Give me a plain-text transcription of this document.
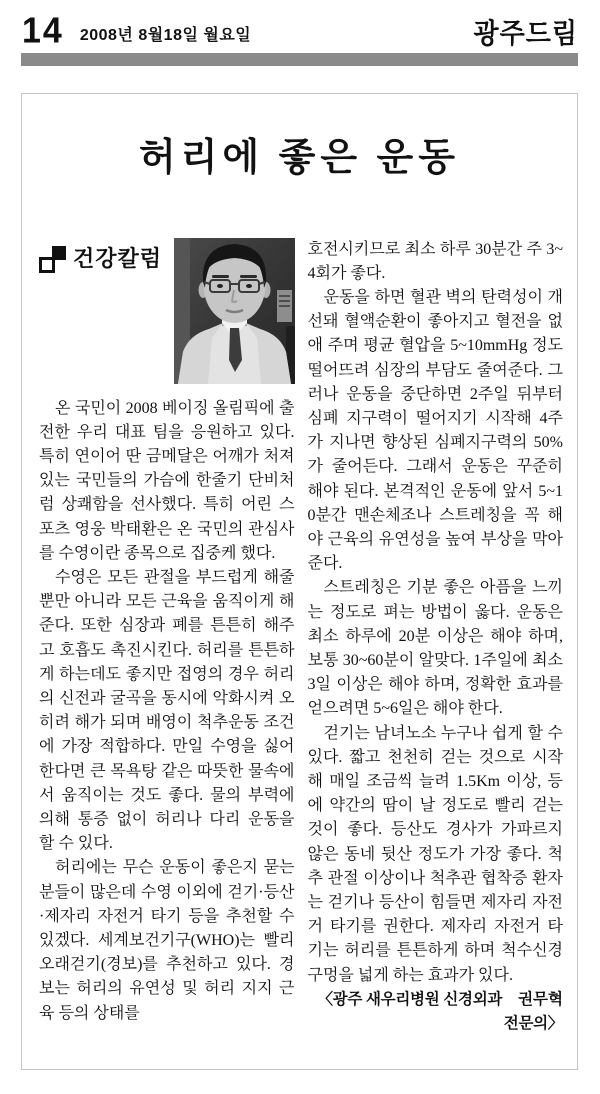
14 2008년 8월18일 월요일	광주드림
허리에 좋은 운동
건강칼럼

온 국민이 2008 베이징 올림픽에 출전한 우리 대표 팀을 응원하고 있다. 특히 연이어 딴 금메달은 어깨가 처져있는 국민들의 가슴에 한줄기 단비처럼 상쾌함을 선사했다. 특히 어린 스포츠 영웅 박태환은 온 국민의 관심사를 수영이란 종목으로 집중케 했다.

수영은 모든 관절을 부드럽게 해줄 뿐만 아니라 모든 근육을 움직이게 해준다. 또한 심장과 폐를 튼튼히 해주고 호흡도 촉진시킨다. 허리를 튼튼하게 하는데도 좋지만 접영의 경우 허리의 신전과 굴곡을 동시에 악화시켜 오히려 해가 되며 배영이 척추운동 조건에 가장 적합하다. 만일 수영을 싫어한다면 큰 목욕탕 같은 따뜻한 물속에서 움직이는 것도 좋다. 물의 부력에 의해 통증 없이 허리나 다리 운동을 할 수 있다.

허리에는 무슨 운동이 좋은지 묻는 분들이 많은데 수영 이외에 걷기·등산·제자리 자전거 타기 등을 추천할 수 있겠다. 세계보건기구(WHO)는 빨리 오래걷기(경보)를 추천하고 있다. 경보는 허리의 유연성 및 허리 지지 근육 등의 상태를

호전시키므로 최소 하루 30분간 주 3~4회가 좋다.

운동을 하면 혈관 벽의 탄력성이 개선돼 혈액순환이 좋아지고 혈전을 없애 주며 평균 혈압을 5~10mmHg 정도 떨어뜨려 심장의 부담도 줄여준다. 그러나 운동을 중단하면 2주일 뒤부터 심폐 지구력이 떨어지기 시작해 4주가 지나면 향상된 심폐지구력의 50%가 줄어든다. 그래서 운동은 꾸준히 해야 된다. 본격적인 운동에 앞서 5~10분간 맨손체조나 스트레칭을 꼭 해야 근육의 유연성을 높여 부상을 막아준다.

스트레칭은 기분 좋은 아픔을 느끼는 정도로 펴는 방법이 옳다. 운동은 최소 하루에 20분 이상은 해야 하며, 보통 30~60분이 알맞다. 1주일에 최소 3일 이상은 해야 하며, 정확한 효과를 얻으려면 5~6일은 해야 한다.

걷기는 남녀노소 누구나 쉽게 할 수 있다. 짧고 천천히 걷는 것으로 시작해 매일 조금씩 늘려 1.5Km 이상, 등에 약간의 땀이 날 정도로 빨리 걷는 것이 좋다. 등산도 경사가 가파르지 않은 동네 뒷산 정도가 가장 좋다. 척추 관절 이상이나 척추관 협착증 환자는 걷기나 등산이 힘들면 제자리 자전거 타기를 권한다. 제자리 자전거 타기는 허리를 튼튼하게 하며 척수신경구멍을 넓게 하는 효과가 있다.
권무혁

〈광주 새우리병원 신경외과 전문의〉
